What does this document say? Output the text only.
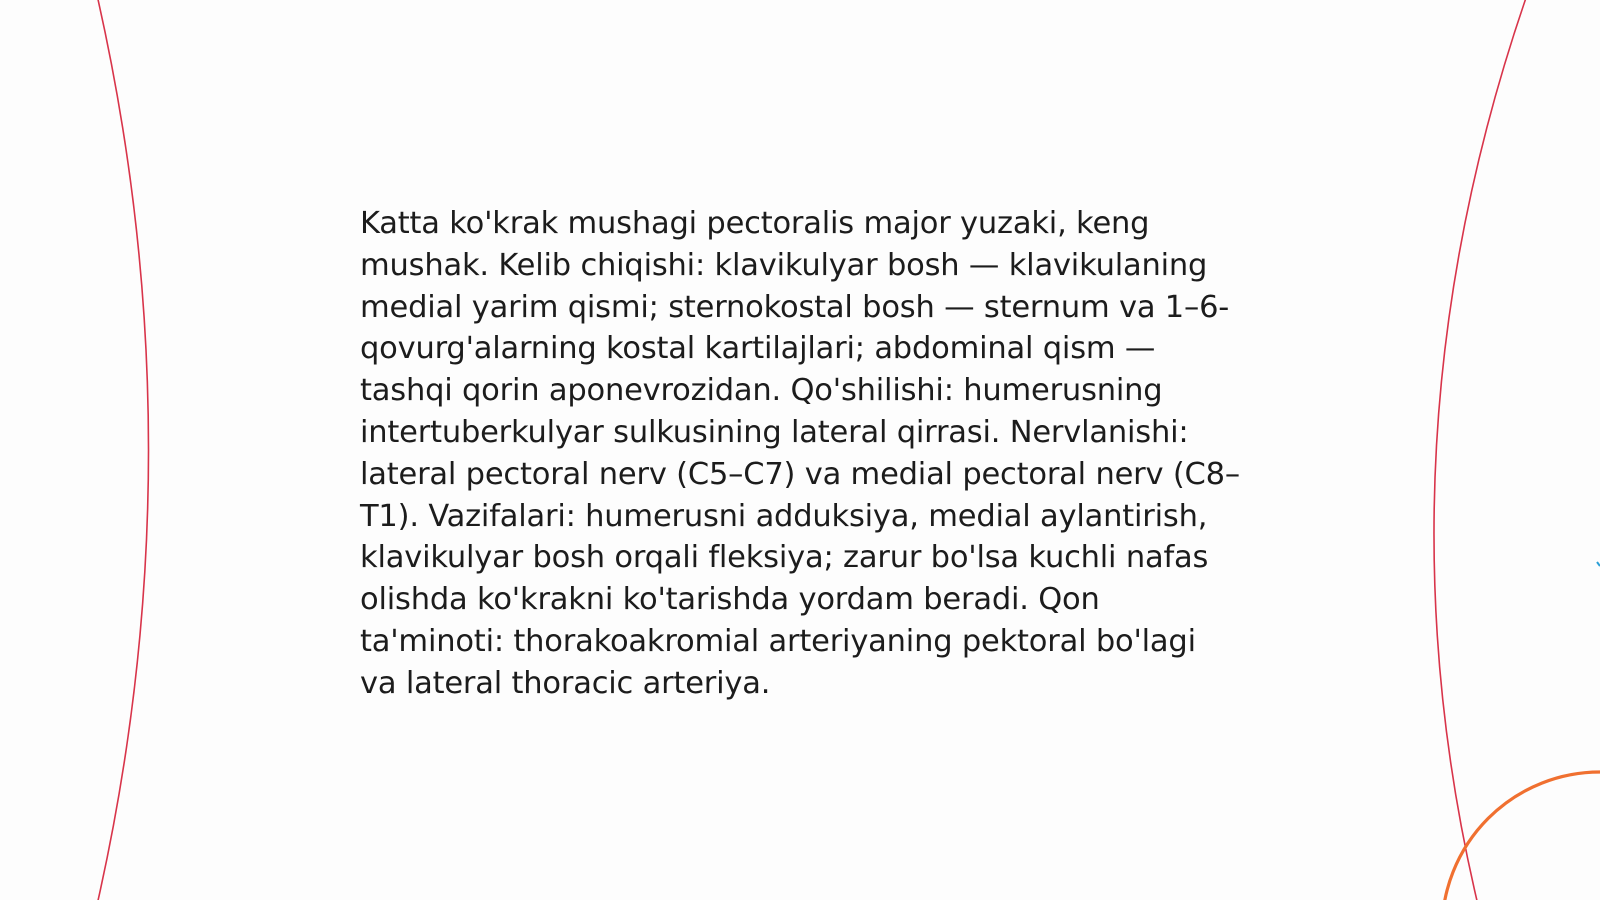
Katta ko'krak mushagi pectoralis major yuzaki, keng mushak. Kelib chiqishi: klavikulyar bosh — klavikulaning medial yarim qismi; sternokostal bosh — sternum va 1–6-qovurg'alarning kostal kartilajlari; abdominal qism — tashqi qorin aponevrozidan. Qo'shilishi: humerusning intertuberkulyar sulkusining lateral qirrasi. Nervlanishi: lateral pectoral nerv (C5–C7) va medial pectoral nerv (C8–T1). Vazifalari: humerusni adduksiya, medial aylantirish, klavikulyar bosh orqali fleksiya; zarur bo'lsa kuchli nafas olishda ko'krakni ko'tarishda yordam beradi. Qon ta'minoti: thorakoakromial arteriyaning pektoral bo'lagi va lateral thoracic arteriya.
